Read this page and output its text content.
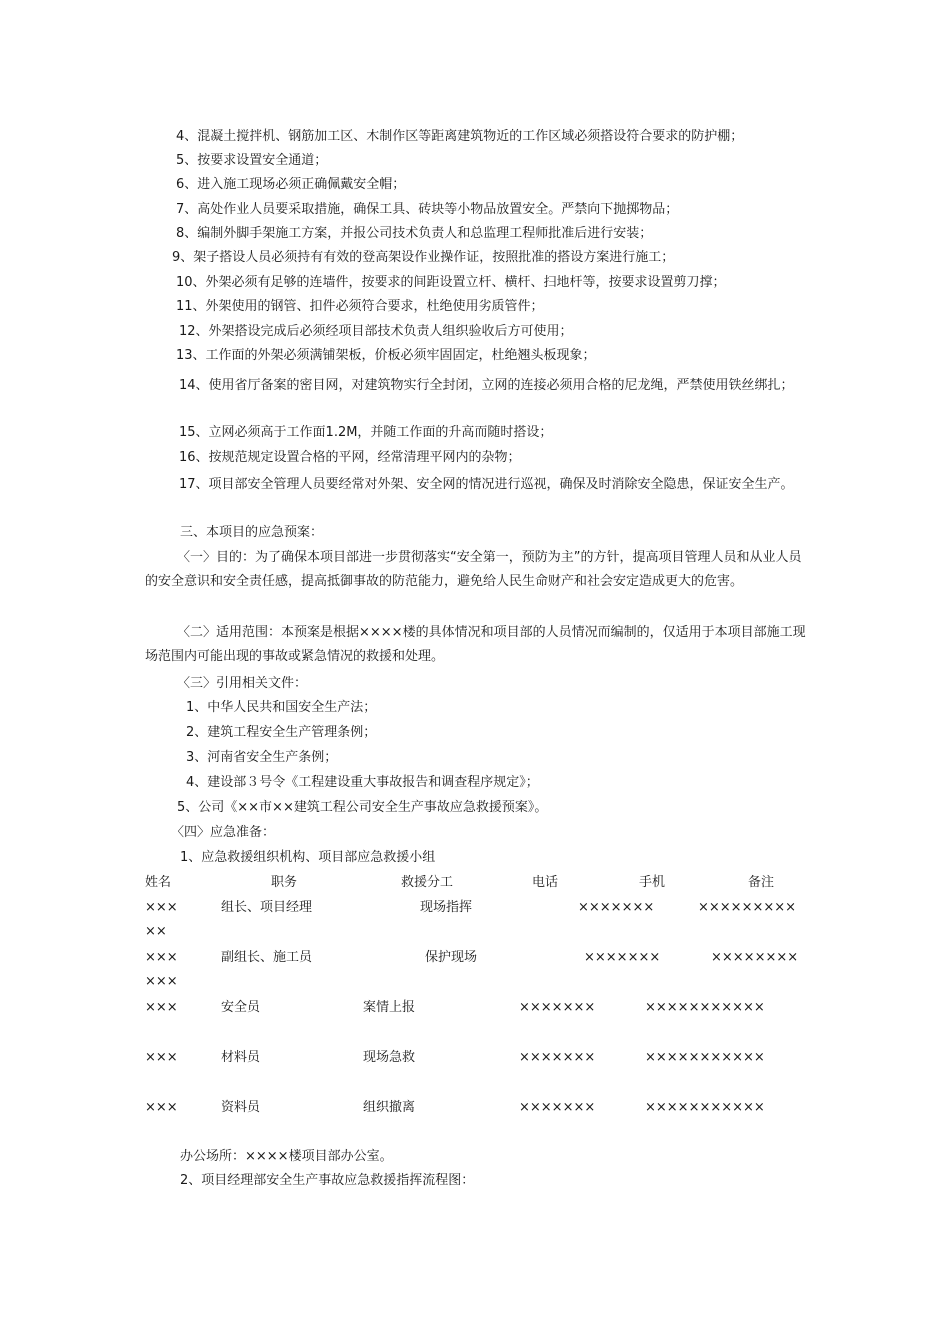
4、混凝土搅拌机、钢筋加工区、木制作区等距离建筑物近的工作区域必须搭设符合要求的防护棚；
5、按要求设置安全通道；
6、进入施工现场必须正确佩戴安全帽；
7、高处作业人员要采取措施，确保工具、砖块等小物品放置安全。严禁向下抛掷物品；
8、编制外脚手架施工方案，并报公司技术负责人和总监理工程师批准后进行安装；
9、架子搭设人员必须持有有效的登高架设作业操作证，按照批准的搭设方案进行施工；
10、外架必须有足够的连墙件，按要求的间距设置立杆、横杆、扫地杆等，按要求设置剪刀撑；
11、外架使用的钢管、扣件必须符合要求，杜绝使用劣质管件；
12、外架搭设完成后必须经项目部技术负责人组织验收后方可使用；
13、工作面的外架必须满铺架板，价板必须牢固固定，杜绝翘头板现象；
14、使用省厅备案的密目网，对建筑物实行全封闭，立网的连接必须用合格的尼龙绳，严禁使用铁丝绑扎；
15、立网必须高于工作面1.2M，并随工作面的升高而随时搭设；
16、按规范规定设置合格的平网，经常清理平网内的杂物；
17、项目部安全管理人员要经常对外架、安全网的情况进行巡视，确保及时消除安全隐患，保证安全生产。
三、本项目的应急预案：
〈一〉目的：为了确保本项目部进一步贯彻落实“安全第一，预防为主”的方针，提高项目管理人员和从业人员的安全意识和安全责任感，提高抵御事故的防范能力，避免给人民生命财产和社会安定造成更大的危害。
〈二〉适用范围：本预案是根据××××楼的具体情况和项目部的人员情况而编制的，仅适用于本项目部施工现场范围内可能出现的事故或紧急情况的救援和处理。
〈三〉引用相关文件：
1、中华人民共和国安全生产法；
2、建筑工程安全生产管理条例；
3、河南省安全生产条例；
4、建设部３号令《工程建设重大事故报告和调查程序规定》；
5、公司《××市××建筑工程公司安全生产事故应急救援预案》。
〈四〉应急准备：
1、应急救援组织机构、项目部应急救援小组
姓名	职务	救援分工	电话	手机	备注
×××	组长、项目经理	现场指挥	×××××××	×××××××××
××
×××	副组长、施工员	保护现场	×××××××	××××××××
×××
×××	安全员	案情上报	×××××××	×××××××××××
×××	材料员	现场急救	×××××××	×××××××××××
×××	资料员	组织撤离	×××××××	×××××××××××
办公场所：××××楼项目部办公室。
2、项目经理部安全生产事故应急救援指挥流程图：
